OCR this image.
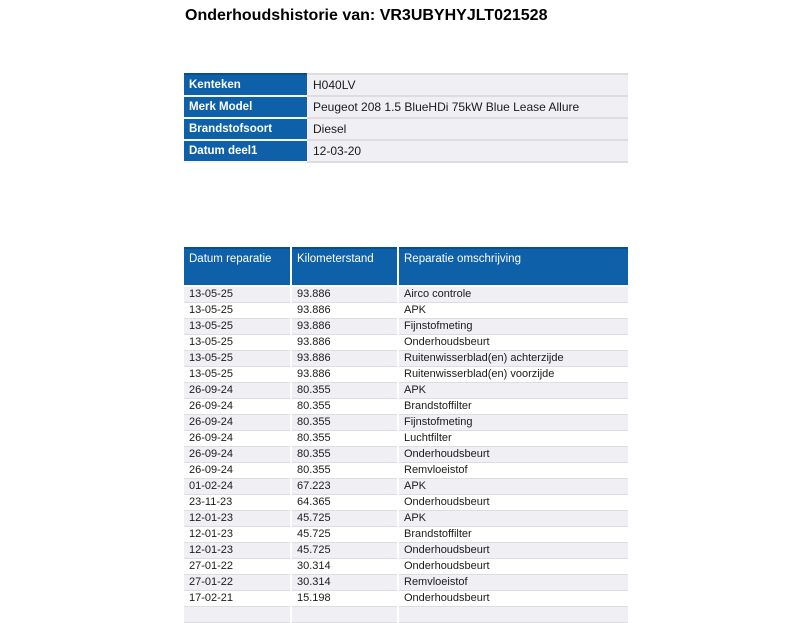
Onderhoudshistorie van: VR3UBYHYJLT021528
Kenteken	H040LV
Merk Model	Peugeot 208 1.5 BlueHDi 75kW Blue Lease Allure
Brandstofsoort	Diesel
Datum deel1	12-03-20
Datum reparatie	Kilometerstand	Reparatie omschrijving
13-05-25	93.886	Airco controle
13-05-25	93.886	APK
13-05-25	93.886	Fijnstofmeting
13-05-25	93.886	Onderhoudsbeurt
13-05-25	93.886	Ruitenwisserblad(en) achterzijde
13-05-25	93.886	Ruitenwisserblad(en) voorzijde
26-09-24	80.355	APK
26-09-24	80.355	Brandstoffilter
26-09-24	80.355	Fijnstofmeting
26-09-24	80.355	Luchtfilter
26-09-24	80.355	Onderhoudsbeurt
26-09-24	80.355	Remvloeistof
01-02-24	67.223	APK
23-11-23	64.365	Onderhoudsbeurt
12-01-23	45.725	APK
12-01-23	45.725	Brandstoffilter
12-01-23	45.725	Onderhoudsbeurt
27-01-22	30.314	Onderhoudsbeurt
27-01-22	30.314	Remvloeistof
17-02-21	15.198	Onderhoudsbeurt
